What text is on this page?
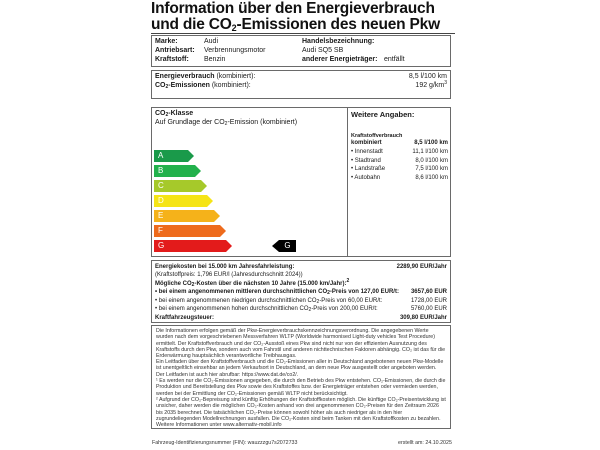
Information über den Energieverbrauch
und die $CO_2$-Emissionen des neuen Pkw
Marke:	Audi
Antriebsart: Verbrennungsmotor
Kraftstoff: Benzin
Handelsbezeichnung:
Audi SQ5 SB
anderer Energieträger: entfällt
Energieverbrauch (kombiniert):	8,5 l/100 km
$CO_2$-Emissionen (kombiniert):	192 $g/km^3$
$CO_2$-Klasse
Auf Grundlage der $CO_2$-Emission (kombiniert)
A
B
C
D
E
F
G	G
Weitere Angaben:
Kraftstoffverbrauch
kombiniert	8,5 l/100 km
• Innenstadt	11,1 l/100 km
• Stadtrand	8,0 l/100 km
• Landstraße	7,5 l/100 km
• Autobahn	8,6 l/100 km
Energiekosten bei 15.000 km Jahresfahrleistung:	2289,90 EUR/Jahr
(Kraftstoffpreis: 1,796 EUR/l (Jahresdurchschnitt 2024))
Mögliche $CO_2$-Kosten über die nächsten 10 Jahre (15.000 km/Jahr):$^2$
• bei einem angenommenen mittleren durchschnittlichen $CO_2$-Preis von 127,00 EUR/t: 3657,60 EUR
• bei einem angenommenen niedrigen durchschnittlichen $CO_2$-Preis von 60,00 EUR/t:	1728,00 EUR
• bei einem angenommenen hohen durchschnittlichen $CO_2$-Preis von 200,00 EUR/t:	5760,00 EUR
Kraftfahrzeugsteuer:	309,80 EUR/Jahr
Die Informationen erfolgen gemäß der Pkw-Energieverbrauchskennzeichnungsverordnung. Die angegebenen Werte wurden nach dem vorgeschriebenen Messverfahren WLTP (Worldwide harmonised Light-duty vehicles Test Procedure) ermittelt. Der Kraftstoffverbrauch und der CO₂-Ausstoß eines Pkw sind nicht nur von der effizienten Ausnutzung des Kraftstoffs durch den Pkw, sondern auch vom Fahrstil und anderen nichttechnischen Faktoren abhängig. CO₂ ist das für die Erderwärmung hauptsächlich verantwortliche Treibhausgas.
Ein Leitfaden über den Kraftstoffverbrauch und die CO₂-Emissionen aller in Deutschland angebotenen neuen Pkw-Modelle ist unentgeltlich einsehbar an jedem Verkaufsort in Deutschland, an dem neue Pkw ausgestellt oder angeboten werden. Der Leitfaden ist auch hier abrufbar: https://www.dat.de/co2/.
¹ Es werden nur die CO₂-Emissionen angegeben, die durch den Betrieb des Pkw entstehen. CO₂-Emissionen, die durch die Produktion und Bereitstellung des Pkw sowie des Kraftstoffes bzw. der Energieträger entstehen oder vermieden werden, werden bei der Ermittlung der CO₂-Emissionen gemäß WLTP nicht berücksichtigt.
² Aufgrund der CO₂-Bepreisung sind künftig Erhöhungen der Kraftstoffkosten möglich. Die künftige CO₂-Preisentwicklung ist unsicher, daher werden die möglichen CO₂-Kosten anhand von drei angenommenen CO₂-Preisen für den Zeitraum 2026 bis 2035 berechnet. Die tatsächlichen CO₂-Preise können sowohl höher als auch niedriger als in den hier zugrundeliegenden Modellrechnungen ausfallen. Die CO₂-Kosten sind beim Tanken mit den Kraftstoffkosten zu bezahlen. Weitere Informationen unter www.alternativ-mobil.info
Fahrzeug-Identifizierungsnummer (FIN): wauzzzgu7s2072733	erstellt am: 24.10.2025
